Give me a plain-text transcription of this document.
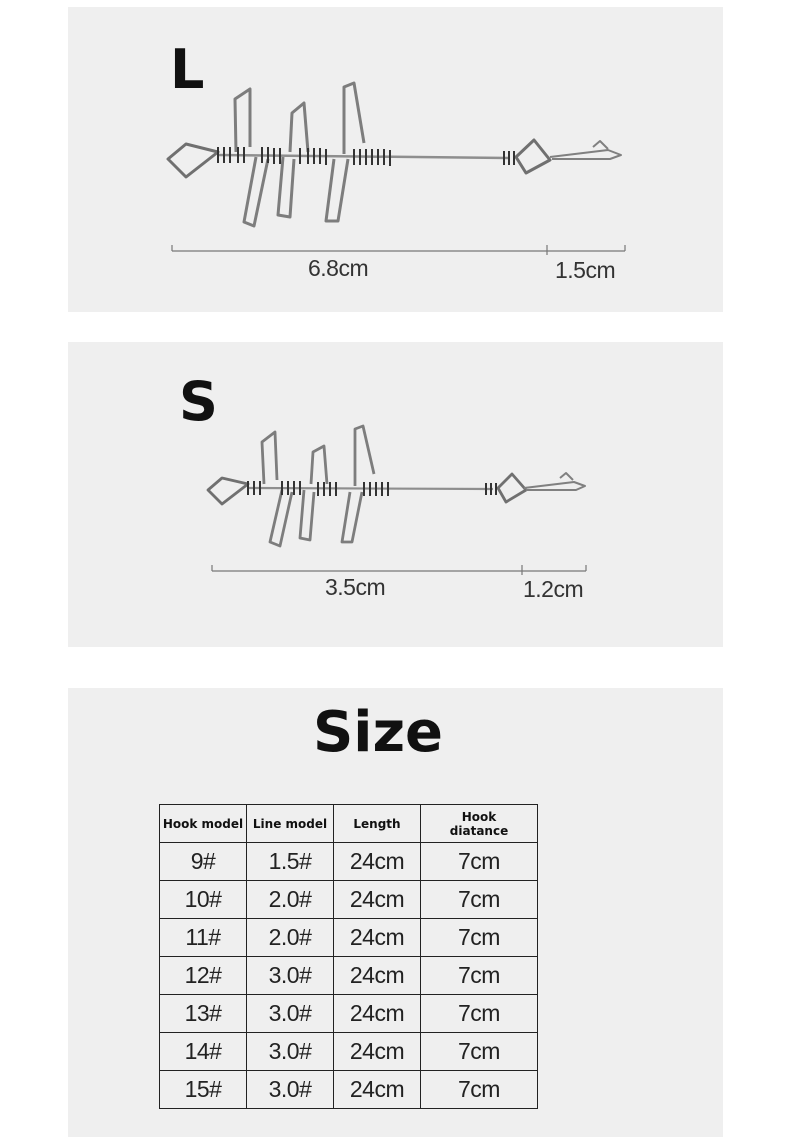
L
6.8cm	1.5cm
S
3.5cm	1.2cm
Size
Hook model	Line model	Length	Hook diatance
9#	1.5#	24cm	7cm
10#	2.0#	24cm	7cm
11#	2.0#	24cm	7cm
12#	3.0#	24cm	7cm
13#	3.0#	24cm	7cm
14#	3.0#	24cm	7cm
15#	3.0#	24cm	7cm
